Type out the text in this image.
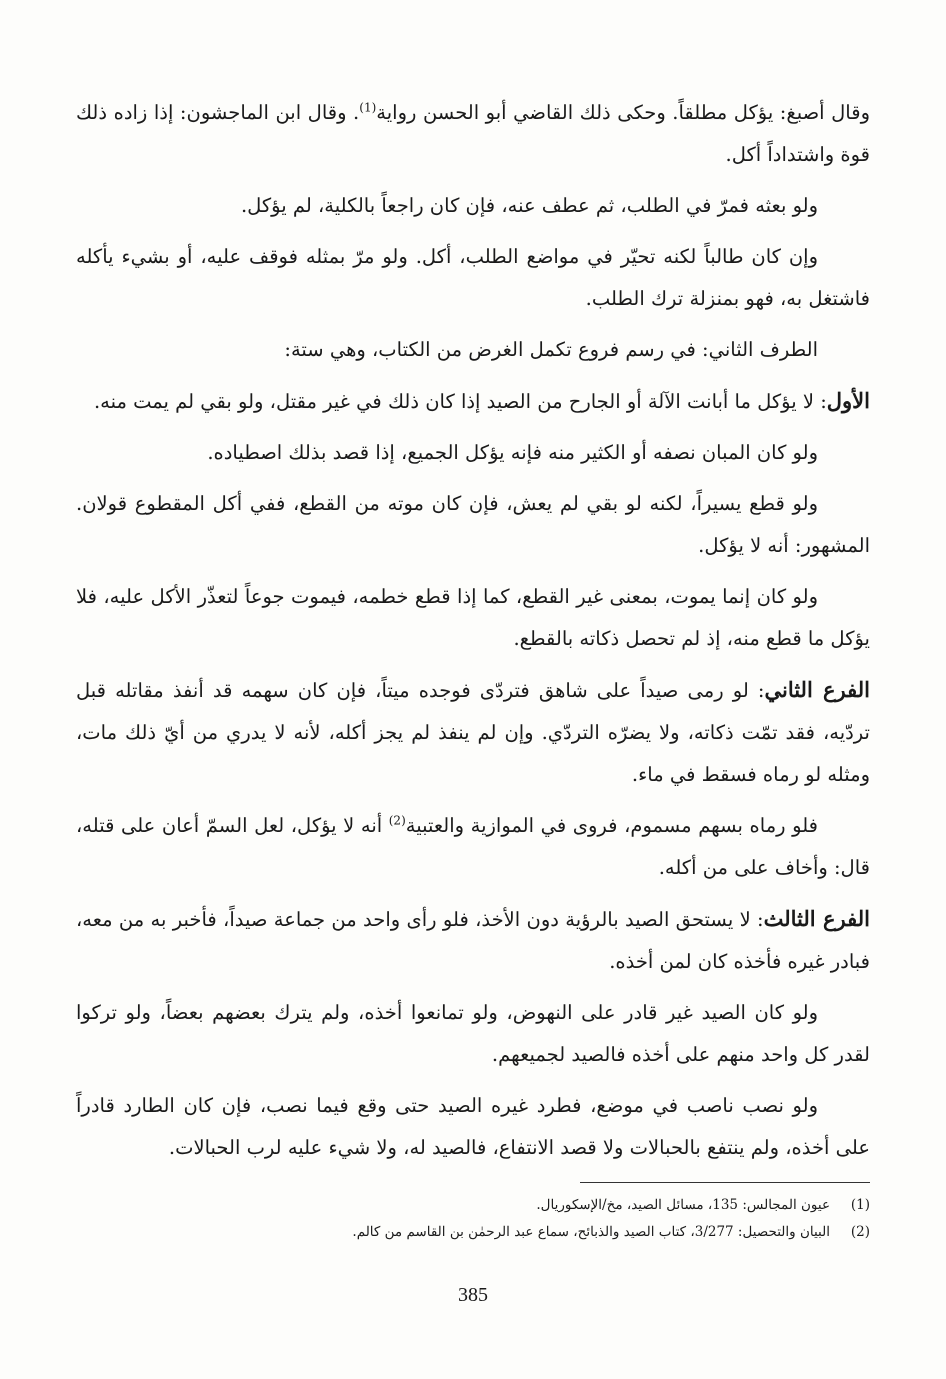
وقال أصبغ: يؤكل مطلقاً. وحكى ذلك القاضي أبو الحسن رواية$^{(1)}$. وقال ابن الماجشون: إذا زاده ذلك قوة واشتداداً أكل.

ولو بعثه فمرّ في الطلب، ثم عطف عنه، فإن كان راجعاً بالكلية، لم يؤكل.

وإن كان طالباً لكنه تحيّر في مواضع الطلب، أكل. ولو مرّ بمثله فوقف عليه، أو بشيء يأكله فاشتغل به، فهو بمنزلة ترك الطلب.

الطرف الثاني: في رسم فروع تكمل الغرض من الكتاب، وهي ستة:

الأول: لا يؤكل ما أبانت الآلة أو الجارح من الصيد إذا كان ذلك في غير مقتل، ولو بقي لم يمت منه.

ولو كان المبان نصفه أو الكثير منه فإنه يؤكل الجميع، إذا قصد بذلك اصطياده.

ولو قطع يسيراً، لكنه لو بقي لم يعش، فإن كان موته من القطع، ففي أكل المقطوع قولان. المشهور: أنه لا يؤكل.

ولو كان إنما يموت، بمعنى غير القطع، كما إذا قطع خطمه، فيموت جوعاً لتعذّر الأكل عليه، فلا يؤكل ما قطع منه، إذ لم تحصل ذكاته بالقطع.

الفرع الثاني: لو رمى صيداً على شاهق فتردّى فوجده ميتاً، فإن كان سهمه قد أنفذ مقاتله قبل تردّيه، فقد تمّت ذكاته، ولا يضرّه التردّي. وإن لم ينفذ لم يجز أكله، لأنه لا يدري من أيّ ذلك مات، ومثله لو رماه فسقط في ماء.

فلو رماه بسهم مسموم، فروى في الموازية والعتبية$^{(2)}$ أنه لا يؤكل، لعل السمّ أعان على قتله، قال: وأخاف على من أكله.

الفرع الثالث: لا يستحق الصيد بالرؤية دون الأخذ، فلو رأى واحد من جماعة صيداً، فأخبر به من معه، فبادر غيره فأخذه كان لمن أخذه.

ولو كان الصيد غير قادر على النهوض، ولو تمانعوا أخذه، ولم يترك بعضهم بعضاً، ولو تركوا لقدر كل واحد منهم على أخذه فالصيد لجميعهم.

ولو نصب ناصب في موضع، فطرد غيره الصيد حتى وقع فيما نصب، فإن كان الطارد قادراً على أخذه، ولم ينتفع بالحبالات ولا قصد الانتفاع، فالصيد له، ولا شيء عليه لرب الحبالات.

(1)عيون المجالس: 135، مسائل الصيد، مخ/الإسكوريال.

(2)البيان والتحصيل: 3/277، كتاب الصيد والذبائح، سماع عبد الرحمٰن بن القاسم من كالم.

385
